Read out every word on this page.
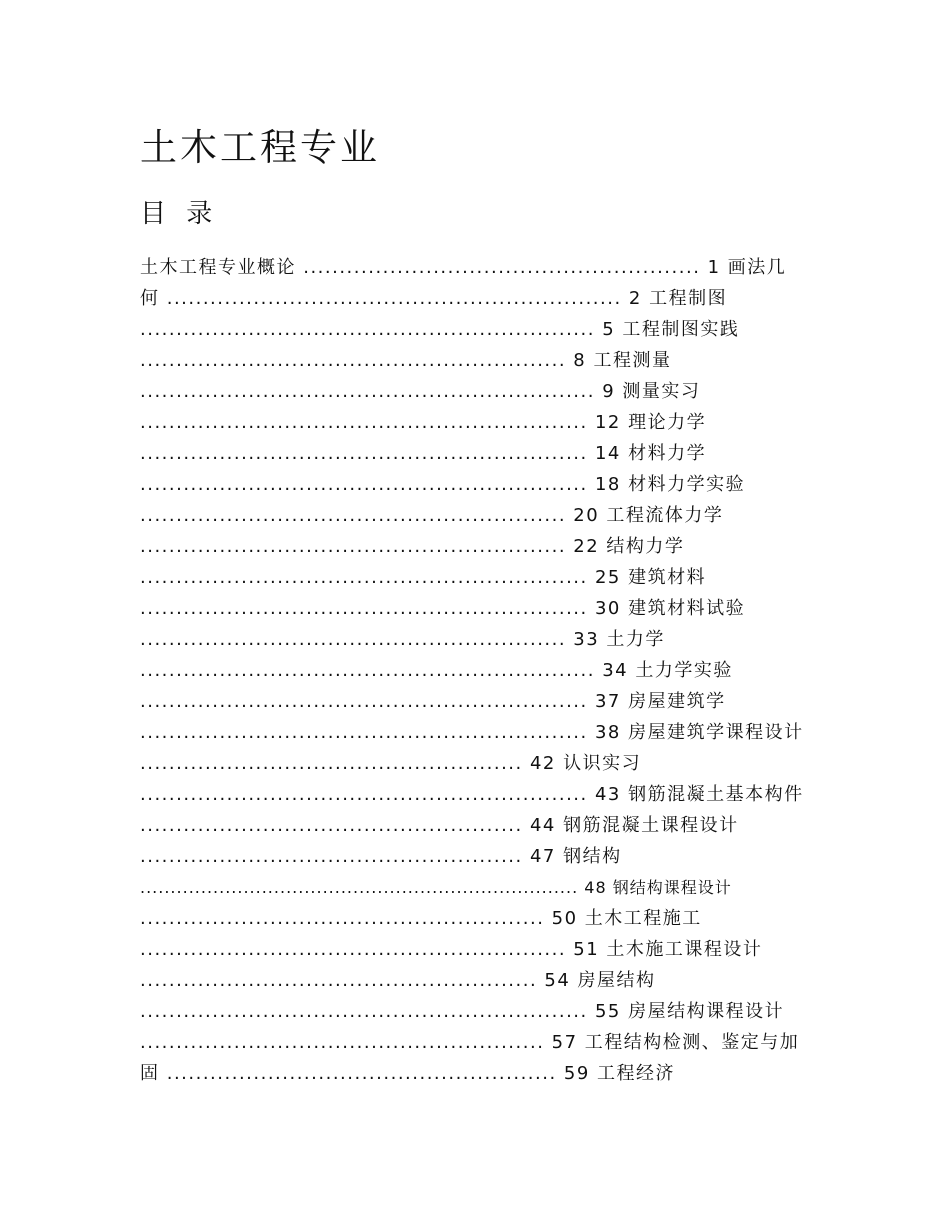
土木工程专业
目 录
土木工程专业概论 ....................................................... 1 画法几
何 ............................................................... 2 工程制图
............................................................... 5 工程制图实践
........................................................... 8 工程测量
............................................................... 9 测量实习
.............................................................. 12 理论力学
.............................................................. 14 材料力学
.............................................................. 18 材料力学实验
........................................................... 20 工程流体力学
........................................................... 22 结构力学
.............................................................. 25 建筑材料
.............................................................. 30 建筑材料试验
........................................................... 33 土力学
............................................................... 34 土力学实验
.............................................................. 37 房屋建筑学
.............................................................. 38 房屋建筑学课程设计
..................................................... 42 认识实习
.............................................................. 43 钢筋混凝土基本构件
..................................................... 44 钢筋混凝土课程设计
..................................................... 47 钢结构
........................................................................ 48 钢结构课程设计
........................................................ 50 土木工程施工
........................................................... 51 土木施工课程设计
....................................................... 54 房屋结构
.............................................................. 55 房屋结构课程设计
........................................................ 57 工程结构检测、鉴定与加
固 ...................................................... 59 工程经济
